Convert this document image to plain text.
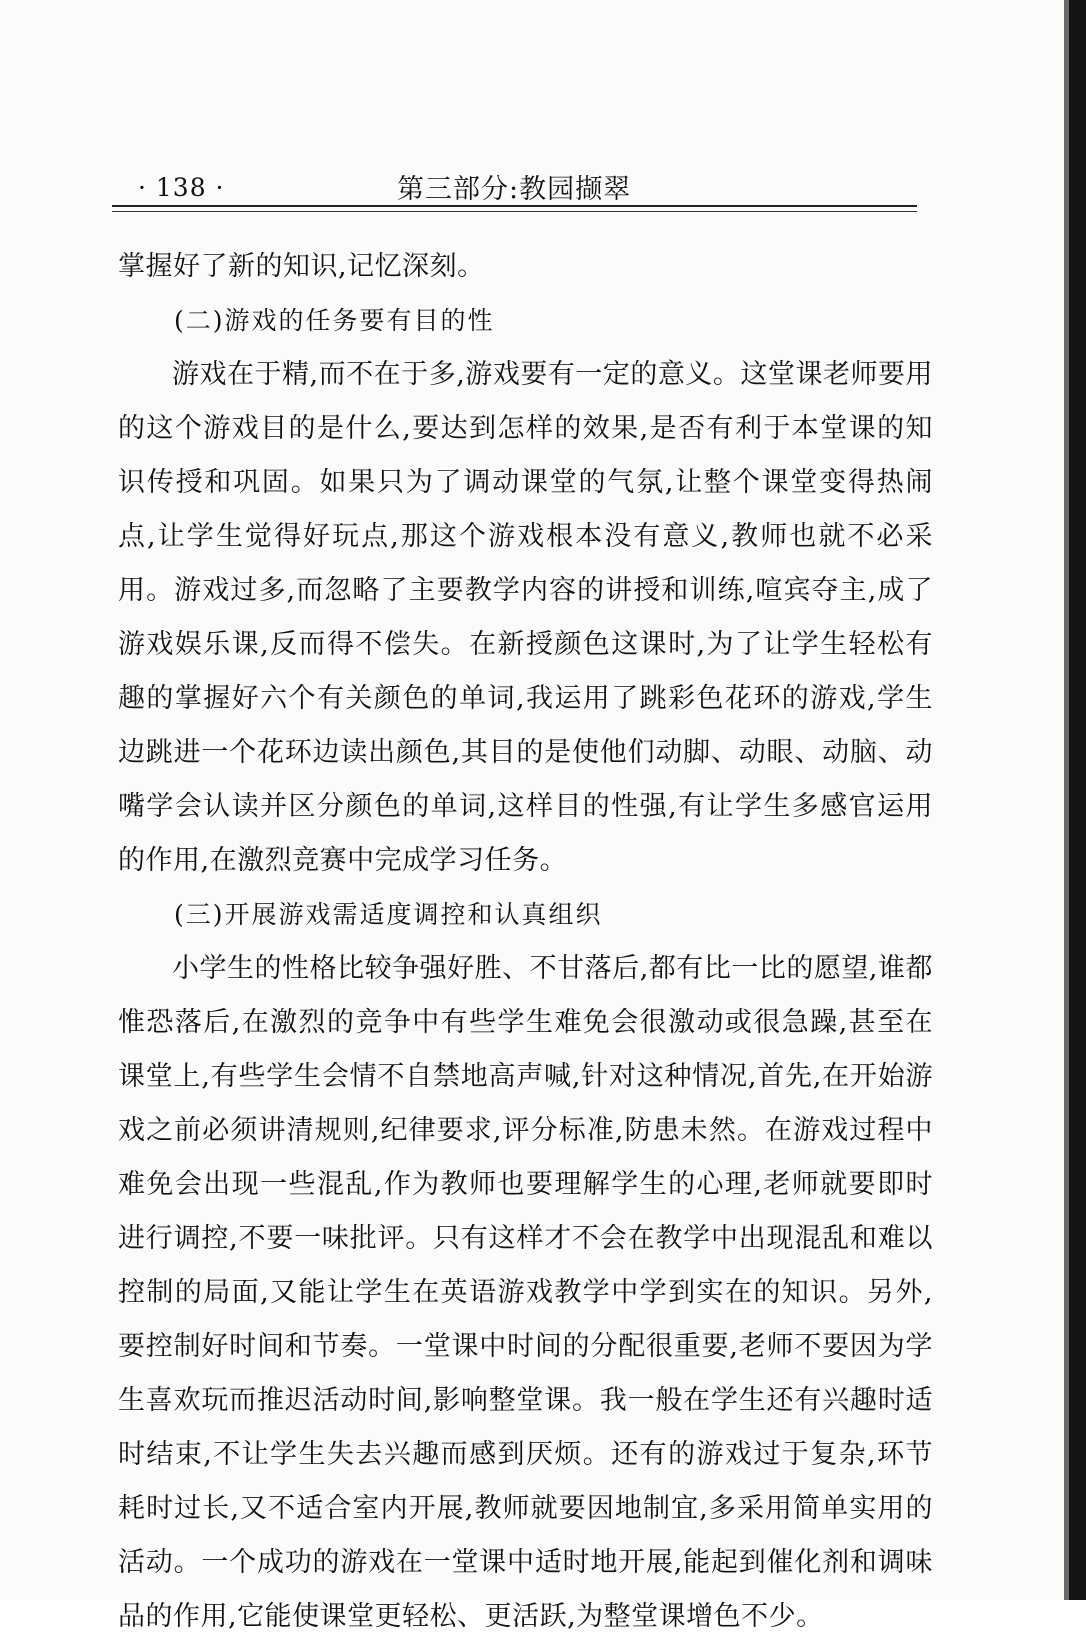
· 138 ·	第三部分:教园撷翠

掌握好了新的知识,记忆深刻。

(二)游戏的任务要有目的性

游戏在于精,而不在于多,游戏要有一定的意义。这堂课老师要用的这个游戏目的是什么,要达到怎样的效果,是否有利于本堂课的知识传授和巩固。如果只为了调动课堂的气氛,让整个课堂变得热闹点,让学生觉得好玩点,那这个游戏根本没有意义,教师也就不必采用。游戏过多,而忽略了主要教学内容的讲授和训练,喧宾夺主,成了游戏娱乐课,反而得不偿失。在新授颜色这课时,为了让学生轻松有趣的掌握好六个有关颜色的单词,我运用了跳彩色花环的游戏,学生边跳进一个花环边读出颜色,其目的是使他们动脚、动眼、动脑、动嘴学会认读并区分颜色的单词,这样目的性强,有让学生多感官运用的作用,在激烈竞赛中完成学习任务。

(三)开展游戏需适度调控和认真组织

小学生的性格比较争强好胜、不甘落后,都有比一比的愿望,谁都惟恐落后,在激烈的竞争中有些学生难免会很激动或很急躁,甚至在课堂上,有些学生会情不自禁地高声喊,针对这种情况,首先,在开始游戏之前必须讲清规则,纪律要求,评分标准,防患未然。在游戏过程中难免会出现一些混乱,作为教师也要理解学生的心理,老师就要即时进行调控,不要一味批评。只有这样才不会在教学中出现混乱和难以控制的局面,又能让学生在英语游戏教学中学到实在的知识。另外,要控制好时间和节奏。一堂课中时间的分配很重要,老师不要因为学生喜欢玩而推迟活动时间,影响整堂课。我一般在学生还有兴趣时适时结束,不让学生失去兴趣而感到厌烦。还有的游戏过于复杂,环节耗时过长,又不适合室内开展,教师就要因地制宜,多采用简单实用的活动。一个成功的游戏在一堂课中适时地开展,能起到催化剂和调味品的作用,它能使课堂更轻松、更活跃,为整堂课增色不少。
